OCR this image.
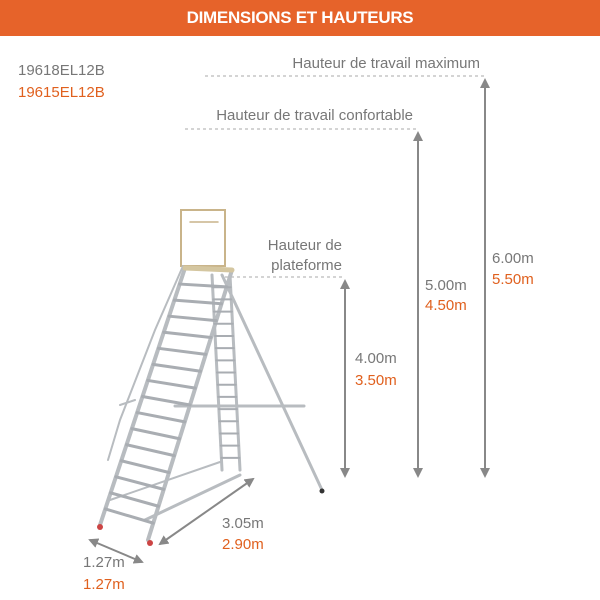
DIMENSIONS ET HAUTEURS
19618EL12B
19615EL12B
Hauteur de travail maximum
6.00m
5.50m
Hauteur de travail confortable
5.00m
4.50m
Hauteur de
plateforme
4.00m
3.50m
3.05m
2.90m
1.27m
1.27m
